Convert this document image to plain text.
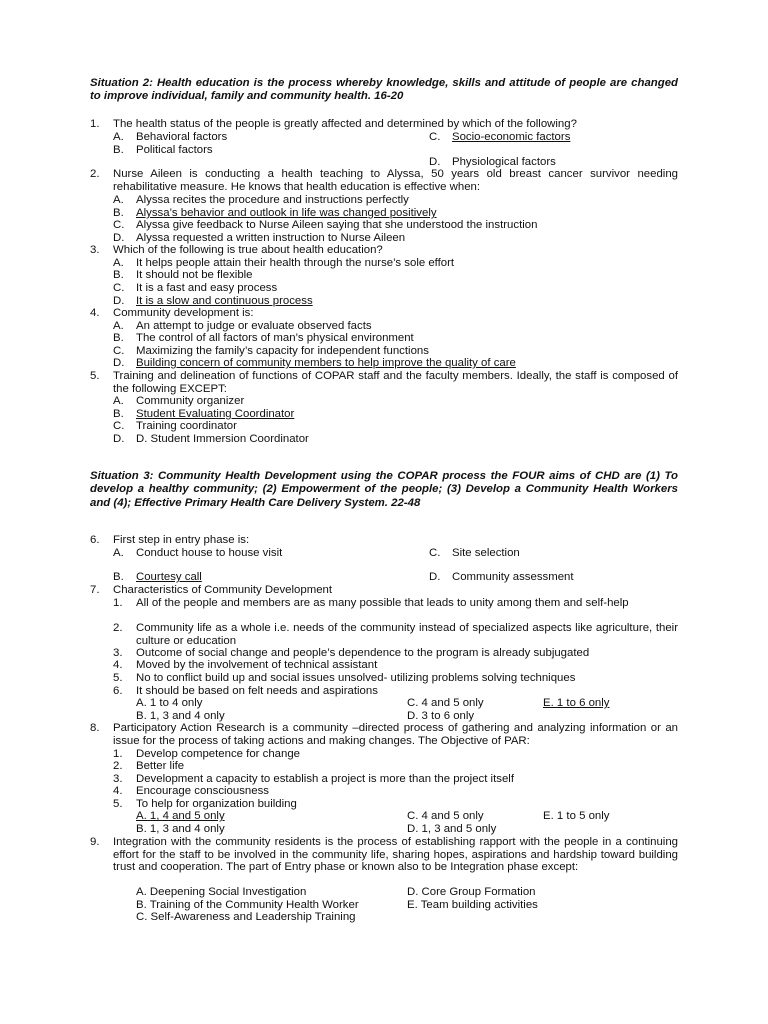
Situation 2: Health education is the process whereby knowledge, skills and attitude of people are changed to improve individual, family and community health. 16-20
1. The health status of the people is greatly affected and determined by which of the following?
A. Behavioral factors	C. Socio-economic factors
B. Political factors
D. Physiological factors
2. Nurse Aileen is conducting a health teaching to Alyssa, 50 years old breast cancer survivor needing rehabilitative measure. He knows that health education is effective when:
A. Alyssa recites the procedure and instructions perfectly
B. Alyssa’s behavior and outlook in life was changed positively
C. Alyssa give feedback to Nurse Aileen saying that she understood the instruction
D. Alyssa requested a written instruction to Nurse Aileen
3. Which of the following is true about health education?
A. It helps people attain their health through the nurse’s sole effort
B. It should not be flexible
C. It is a fast and easy process
D. It is a slow and continuous process
4. Community development is:
A. An attempt to judge or evaluate observed facts
B. The control of all factors of man’s physical environment
C. Maximizing the family’s capacity for independent functions
D. Building concern of community members to help improve the quality of care
5. Training and delineation of functions of COPAR staff and the faculty members. Ideally, the staff is composed of the following EXCEPT:
A. Community organizer
B. Student Evaluating Coordinator
C. Training coordinator
D. D. Student Immersion Coordinator
Situation 3: Community Health Development using the COPAR process the FOUR aims of CHD are (1) To develop a healthy community; (2) Empowerment of the people; (3) Develop a Community Health Workers and (4); Effective Primary Health Care Delivery System. 22-48
6. First step in entry phase is:
A. Conduct house to house visit	C. Site selection
B. Courtesy call	D. Community assessment
7. Characteristics of Community Development
1. All of the people and members are as many possible that leads to unity among them and self-help
2. Community life as a whole i.e. needs of the community instead of specialized aspects like agriculture, their culture or education
3. Outcome of social change and people’s dependence to the program is already subjugated
4. Moved by the involvement of technical assistant
5. No to conflict build up and social issues unsolved- utilizing problems solving techniques
6. It should be based on felt needs and aspirations
A. 1 to 4 only	C. 4 and 5 only	E. 1 to 6 only
B. 1, 3 and 4 only	D. 3 to 6 only
8. Participatory Action Research is a community –directed process of gathering and analyzing information or an issue for the process of taking actions and making changes. The Objective of PAR:
1. Develop competence for change
2. Better life
3. Development a capacity to establish a project is more than the project itself
4. Encourage consciousness
5. To help for organization building
A. 1, 4 and 5 only	C. 4 and 5 only	E. 1 to 5 only
B. 1, 3 and 4 only	D. 1, 3 and 5 only
9. Integration with the community residents is the process of establishing rapport with the people in a continuing effort for the staff to be involved in the community life, sharing hopes, aspirations and hardship toward building trust and cooperation. The part of Entry phase or known also to be Integration phase except:
A. Deepening Social Investigation	D. Core Group Formation
B. Training of the Community Health Worker	E. Team building activities
C. Self-Awareness and Leadership Training
